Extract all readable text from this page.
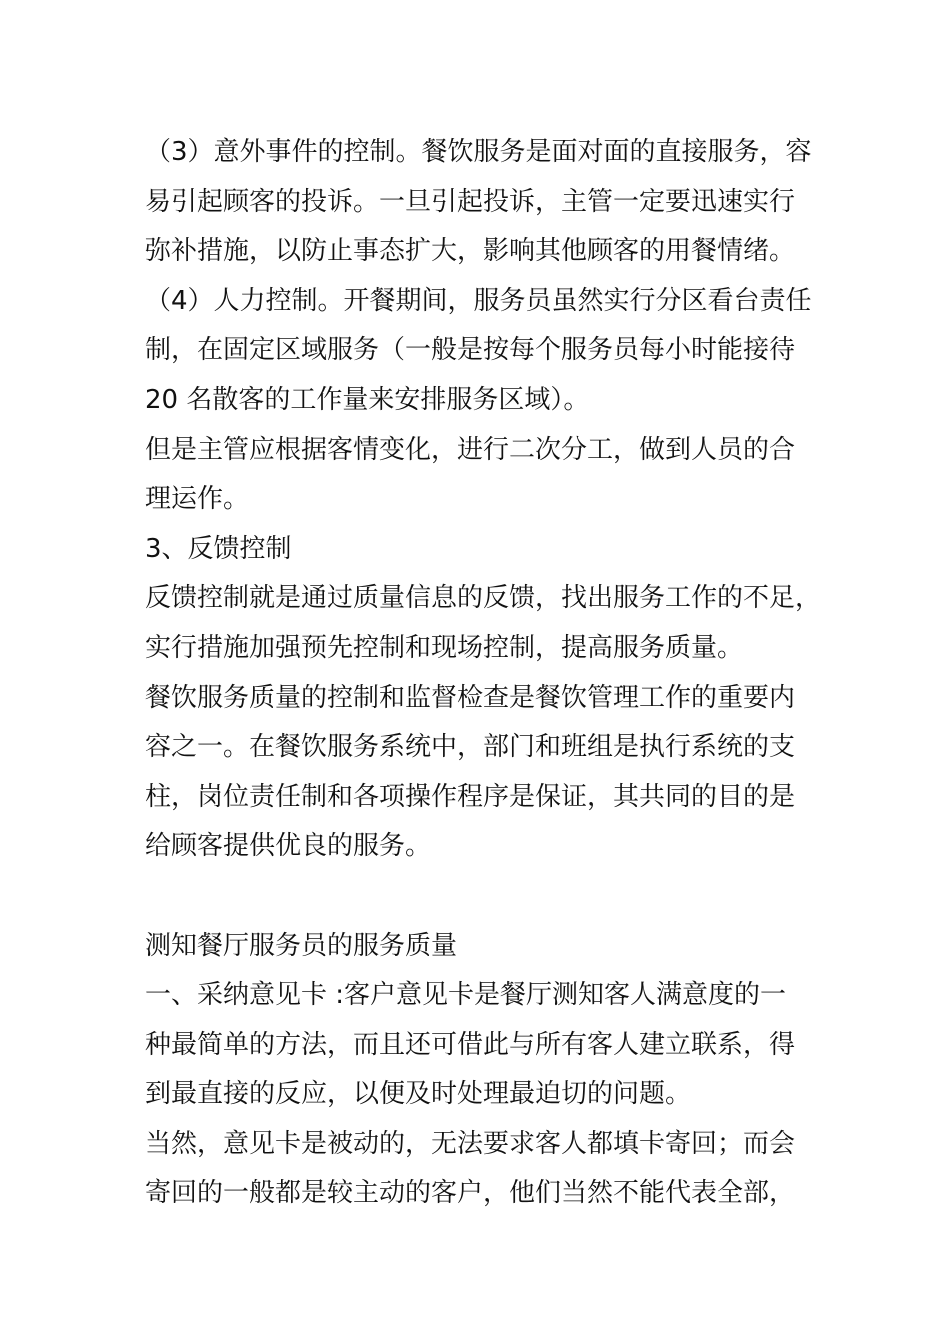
（3）意外事件的控制。餐饮服务是面对面的直接服务，容
易引起顾客的投诉。一旦引起投诉，主管一定要迅速实行
弥补措施，以防止事态扩大，影响其他顾客的用餐情绪。
（4）人力控制。开餐期间，服务员虽然实行分区看台责任
制，在固定区域服务（一般是按每个服务员每小时能接待
20 名散客的工作量来安排服务区域）。
但是主管应根据客情变化，进行二次分工，做到人员的合
理运作。
3、反馈控制
反馈控制就是通过质量信息的反馈，找出服务工作的不足，
实行措施加强预先控制和现场控制，提高服务质量。
餐饮服务质量的控制和监督检查是餐饮管理工作的重要内
容之一。在餐饮服务系统中，部门和班组是执行系统的支
柱，岗位责任制和各项操作程序是保证，其共同的目的是
给顾客提供优良的服务。
测知餐厅服务员的服务质量
一、采纳意见卡 :客户意见卡是餐厅测知客人满意度的一
种最简单的方法，而且还可借此与所有客人建立联系，得
到最直接的反应，以便及时处理最迫切的问题。
当然，意见卡是被动的，无法要求客人都填卡寄回；而会
寄回的一般都是较主动的客户，他们当然不能代表全部，
